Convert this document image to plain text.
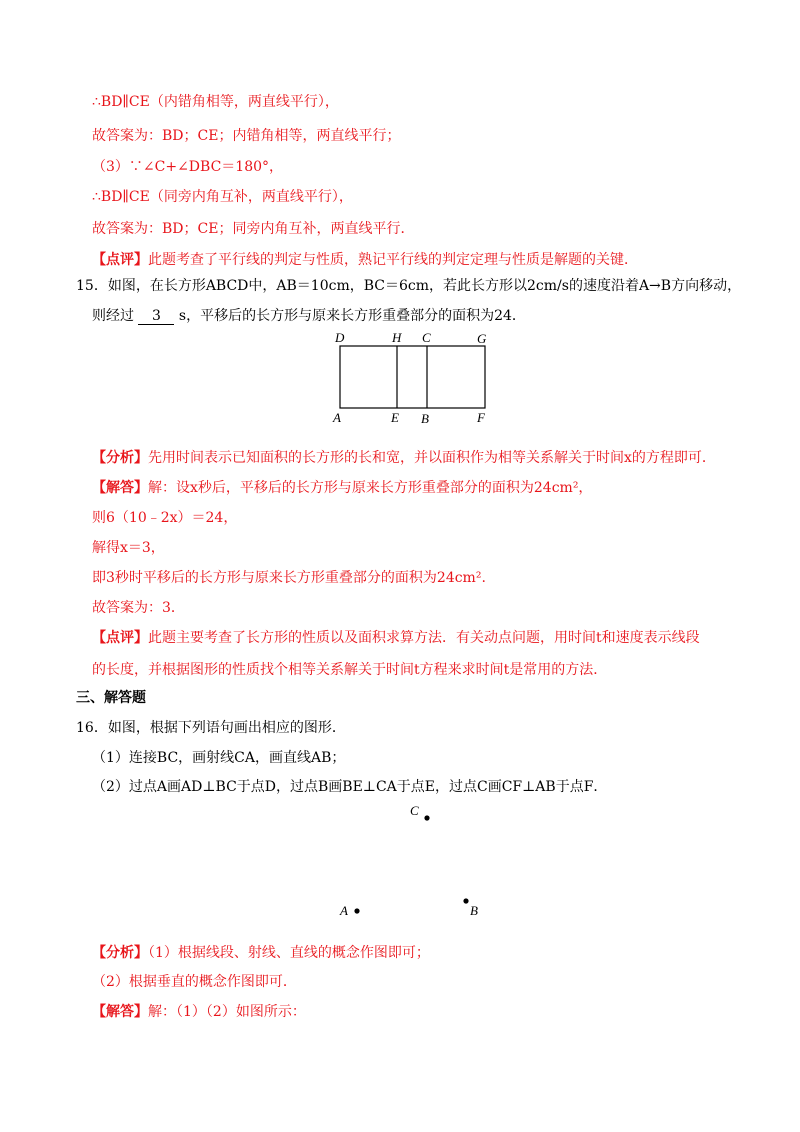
∴BD∥CE（内错角相等，两直线平行），
故答案为：BD；CE；内错角相等，两直线平行；
（3）∵∠C+∠DBC＝180°，
∴BD∥CE（同旁内角互补，两直线平行），
故答案为：BD；CE；同旁内角互补，两直线平行．
【点评】此题考查了平行线的判定与性质，熟记平行线的判定定理与性质是解题的关键．
15．如图，在长方形ABCD中，AB＝10cm，BC＝6cm，若此长方形以2cm/s的速度沿着A→B方向移动，
则经过 3 s，平移后的长方形与原来长方形重叠部分的面积为24．
D	H C	G
A	E B	F
【分析】先用时间表示已知面积的长方形的长和宽，并以面积作为相等关系解关于时间x的方程即可．
【解答】解：设x秒后，平移后的长方形与原来长方形重叠部分的面积为24cm²，
则6（10﹣2x）＝24，
解得x＝3，
即3秒时平移后的长方形与原来长方形重叠部分的面积为24cm².
故答案为：3．
【点评】此题主要考查了长方形的性质以及面积求算方法．有关动点问题，用时间t和速度表示线段
的长度，并根据图形的性质找个相等关系解关于时间t方程来求时间t是常用的方法．
三、解答题
16．如图，根据下列语句画出相应的图形．
（1）连接BC，画射线CA，画直线AB；
（2）过点A画AD⊥BC于点D，过点B画BE⊥CA于点E，过点C画CF⊥AB于点F．
C
A	B
【分析】（1）根据线段、射线、直线的概念作图即可；
（2）根据垂直的概念作图即可．
【解答】解：（1）（2）如图所示：
